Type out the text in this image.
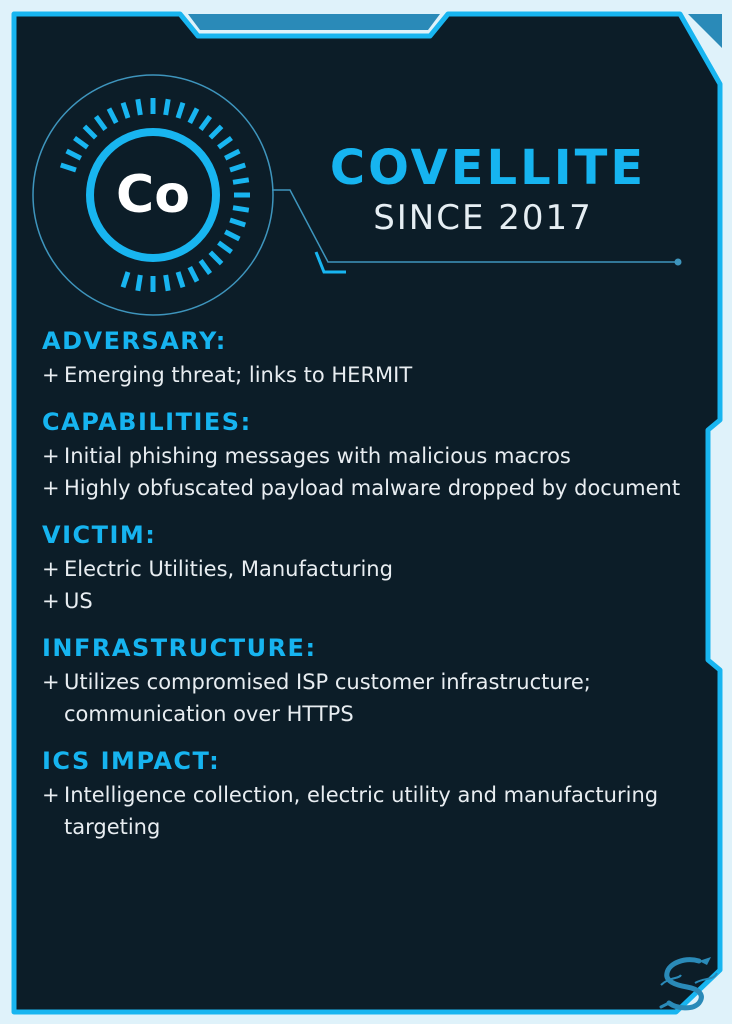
Co	COVELLITE
SINCE 2017
ADVERSARY:
+ Emerging threat; links to HERMIT
CAPABILITIES:
+ Initial phishing messages with malicious macros
+ Highly obfuscated payload malware dropped by document
VICTIM:
+ Electric Utilities, Manufacturing
+ US
INFRASTRUCTURE:
+ Utilizes compromised ISP customer infrastructure; communication over HTTPS
ICS IMPACT:
+ Intelligence collection, electric utility and manufacturing targeting
